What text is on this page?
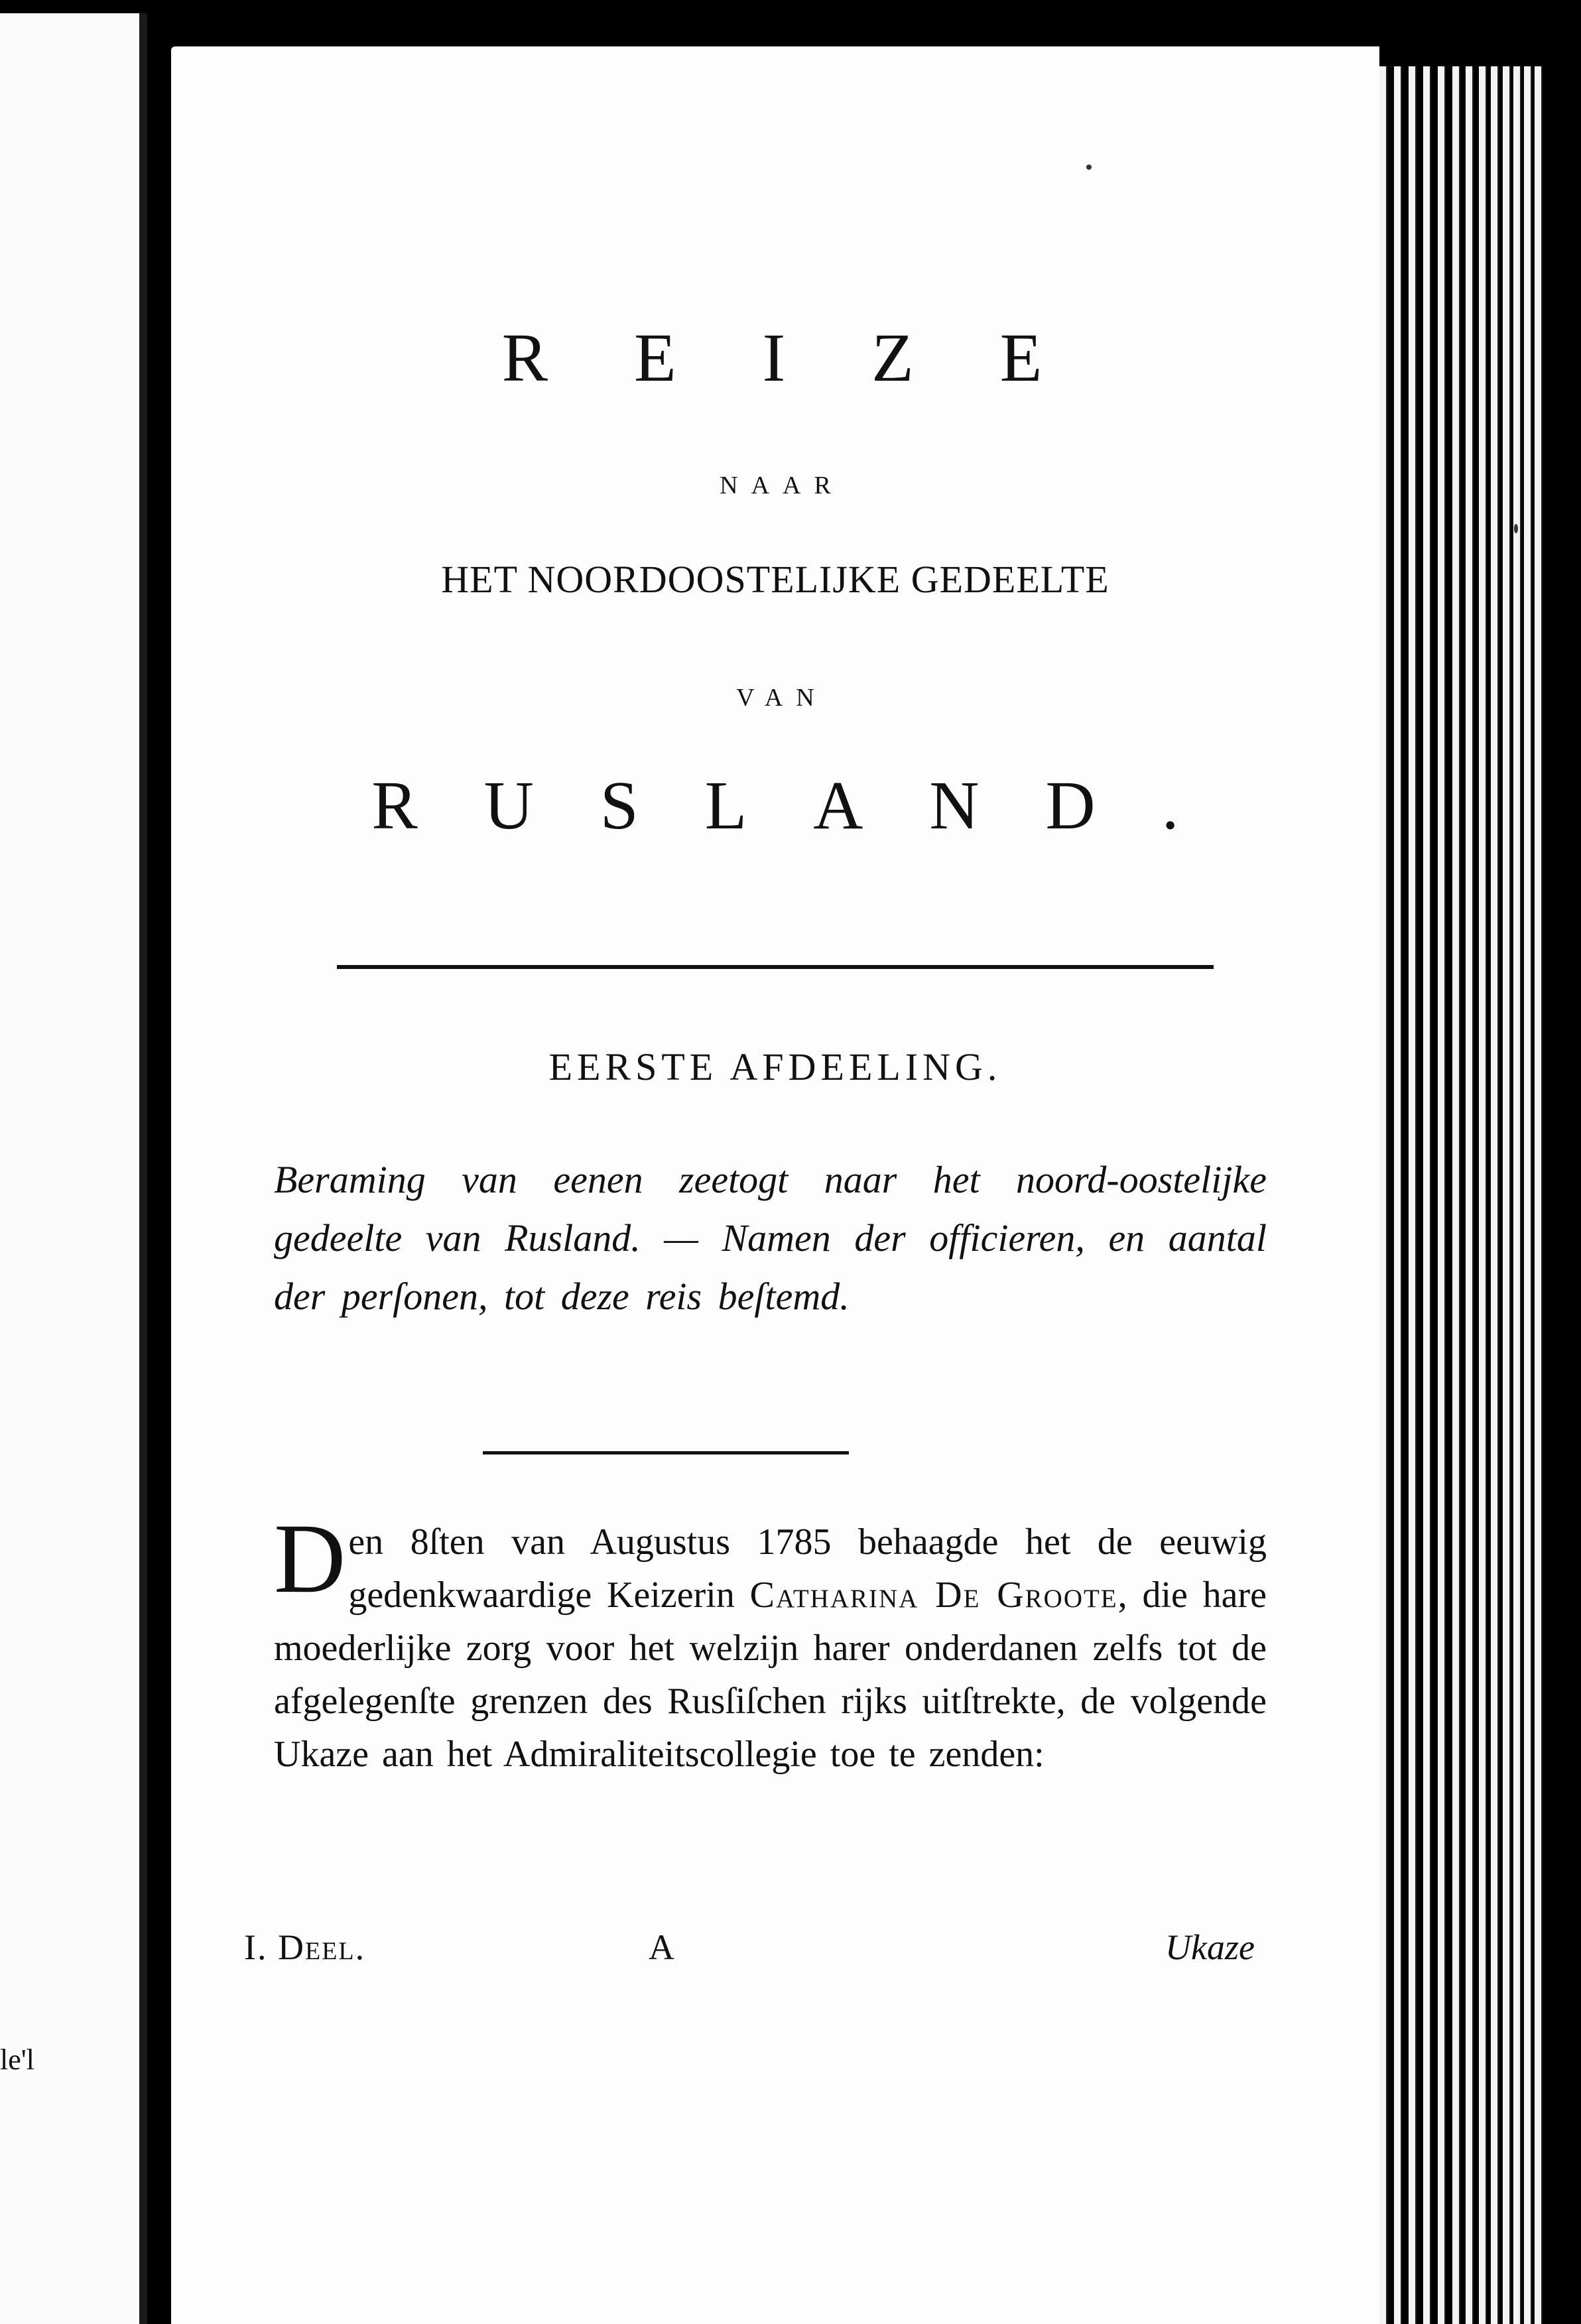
le'l
REIZE
NAAR
HET NOORDOOSTELIJKE GEDEELTE
VAN
RUSLAND.
EERSTE AFDEELING.
Beraming van eenen zeetogt naar het noord-oostelijke gedeelte van Rusland. — Namen der officieren, en aantal der perſonen, tot deze reis beſtemd.
Den 8ſten van Augustus 1785 behaagde het de eeuwig gedenkwaardige Keizerin Catharina De Groote, die hare moederlijke zorg voor het welzijn harer onderdanen zelfs tot de afgelegenſte grenzen des Rusſiſchen rijks uitſtrekte, de volgende Ukaze aan het Admiraliteitscollegie toe te zenden:
I. Deel.	A	Ukaze
